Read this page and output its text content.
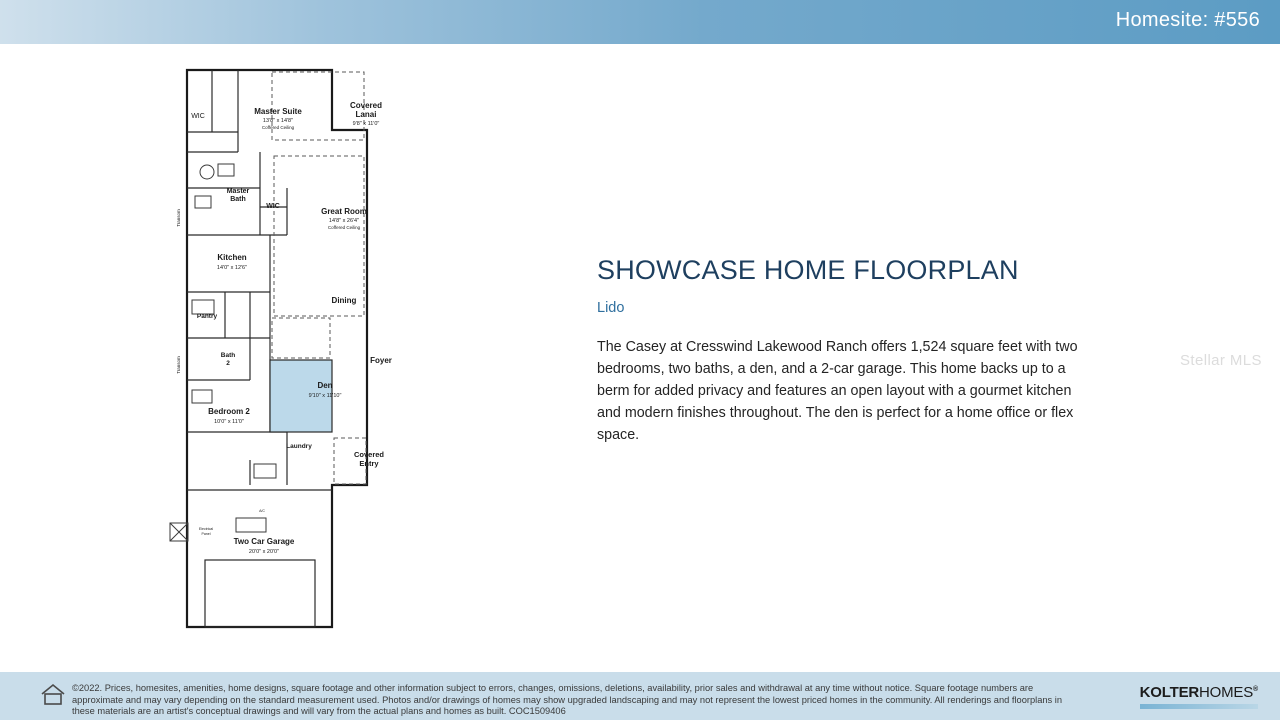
Homesite: #556
WIC
Master Suite
13'8" x 14'8"
Coffered Ceiling
Covered
Lanai
9'8" x 11'0"
Master
Bath
WIC
Great Room
14'8" x 26'4"
Coffered Ceiling
Kitchen
14'0" x 12'6"
Dining
Pantry
Bath
2	Foyer
Den
9'10" x 11'10"
Bedroom 2
10'0" x 11'0"
Laundry
Covered
Entry
Two Car Garage
20'0" x 20'0"
A/C
Electrical
Panel
Transom
Transom
SHOWCASE HOME FLOORPLAN
Lido
The Casey at Cresswind Lakewood Ranch offers 1,524 square feet with two bedrooms, two baths, a den, and a 2-car garage. This home backs up to a berm for added privacy and features an open layout with a gourmet kitchen and modern finishes throughout. The den is perfect for a home office or flex space.
Stellar MLS
©2022. Prices, homesites, amenities, home designs, square footage and other information subject to errors, changes, omissions, deletions, availability, prior sales and withdrawal at any time without notice. Square footage numbers are approximate and may vary depending on the standard measurement used. Photos and/or drawings of homes may show upgraded landscaping and may not represent the lowest priced homes in the community. All renderings and floorplans in these materials are an artist's conceptual drawings and will vary from the actual plans and homes as built. COC1509406
KOLTERHOMES®
